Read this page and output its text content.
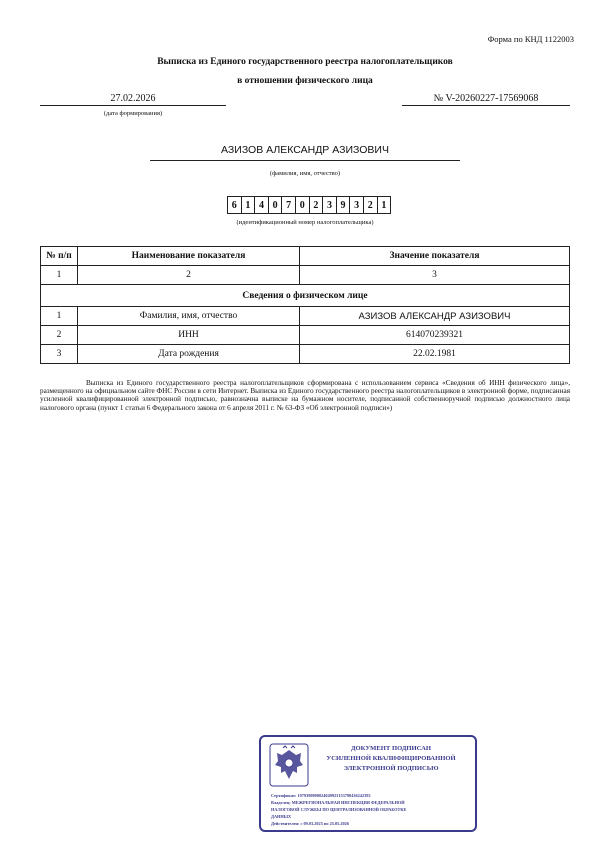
Форма по КНД 1122003
Выписка из Единого государственного реестра налогоплательщиков
в отношении физического лица
27.02.2026
(дата формирования)
№ V-20260227-17569068
АЗИЗОВ АЛЕКСАНДР АЗИЗОВИЧ
(фамилия, имя, отчество)
6 1 4 0 7 0 2 3 9 3 2 1
(идентификационный номер налогоплательщика)
№ п/п	Наименование показателя	Значение показателя
1	2	3
Сведения о физическом лице		
1	Фамилия, имя, отчество	АЗИЗОВ АЛЕКСАНДР АЗИЗОВИЧ
2	ИНН	614070239321
3	Дата рождения	22.02.1981
Выписка из Единого государственного реестра налогоплательщиков сформирована с использованием сервиса «Сведения об ИНН физического лица», размещенного на официальном сайте ФНС России в сети Интернет. Выписка из Единого государственного реестра налогоплательщиков в электронной форме, подписанная усиленной квалифицированной электронной подписью, равнозначна выписке на бумажном носителе, подписанной собственноручной подписью должностного лица налогового органа (пункт 1 статьи 6 Федерального закона от 6 апреля 2011 г. № 63-ФЗ «Об электронной подписи»)
ДОКУМЕНТ ПОДПИСАН
УСИЛЕННОЙ КВАЛИФИЦИРОВАННОЙ
ЭЛЕКТРОННОЙ ПОДПИСЬЮ
Сертификат: 1079390800024049923153790436242393
Владелец: МЕЖРЕГИОНАЛЬНАЯ ИНСПЕКЦИЯ ФЕДЕРАЛЬНОЙ
НАЛОГОВОЙ СЛУЖБЫ ПО ЦЕНТРАЛИЗОВАННОЙ ОБРАБОТКЕ
ДАННЫХ
Действителен: с 09.03.2025 по 25.05.2026
